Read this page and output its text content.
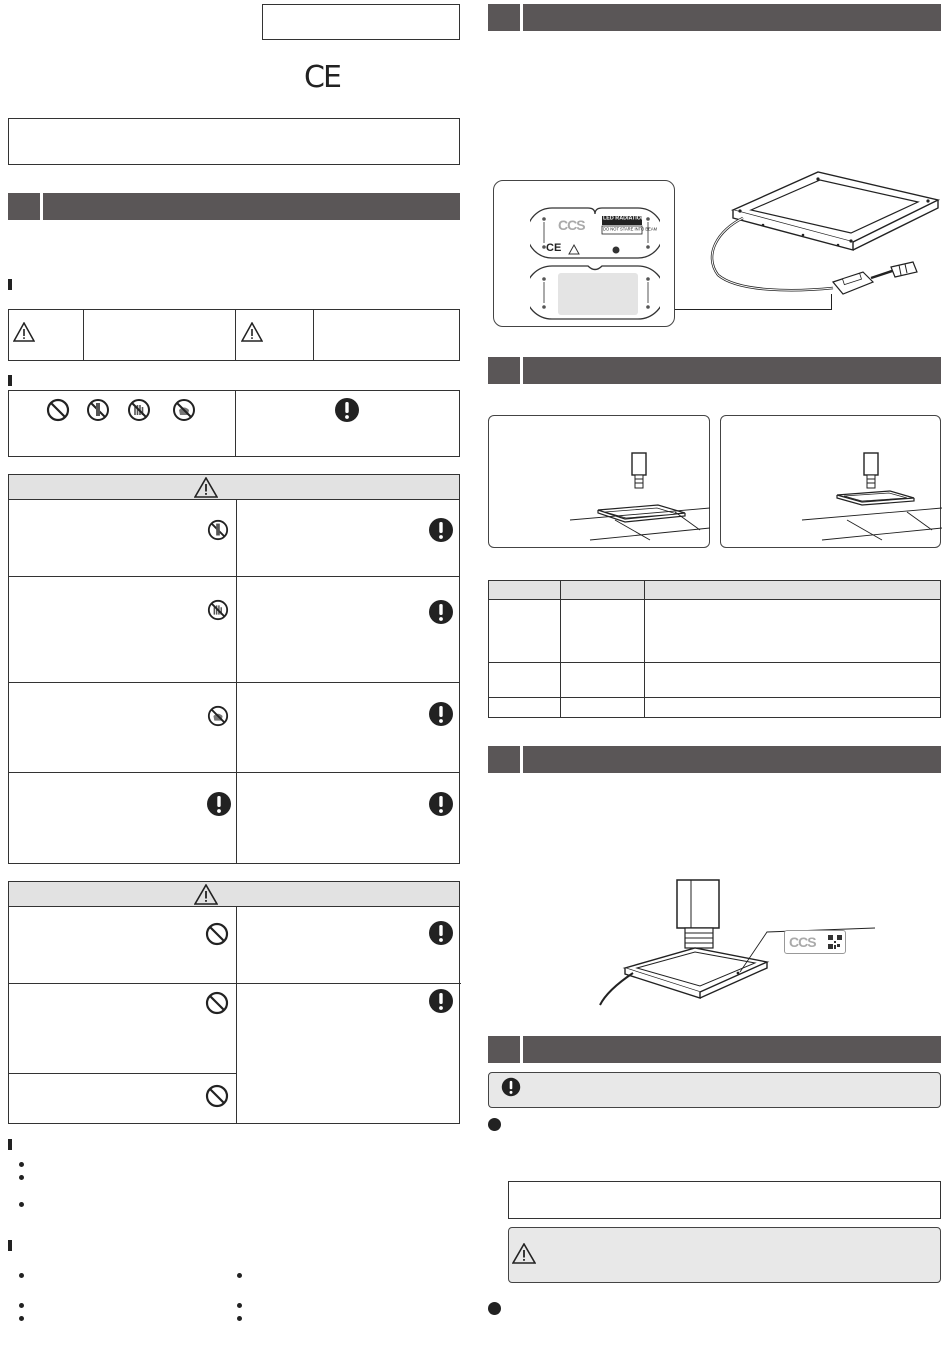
CE
CCS	LED RADIATION
DO NOT STARE INTO BEAM
CE
CCS
